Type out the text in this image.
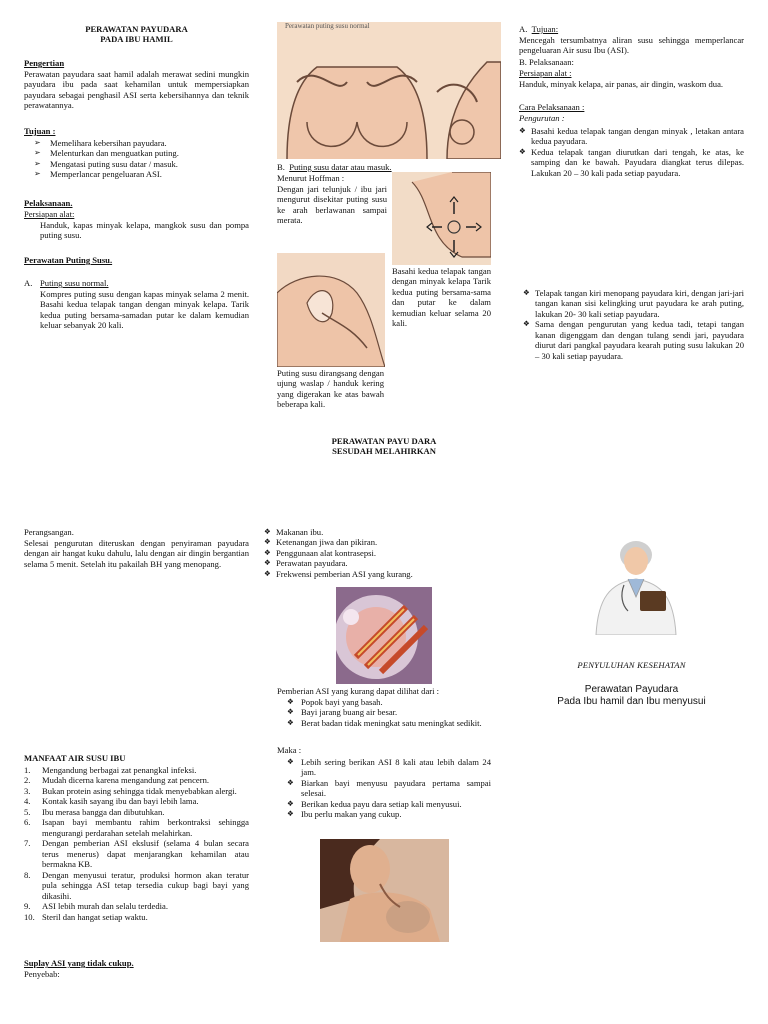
PERAWATAN PAYUDARA
PADA IBU HAMIL
Pengertian
Perawatan payudara saat hamil adalah merawat sedini mungkin payudara ibu pada saat kehamilan untuk mempersiapkan payudara sebagai penghasil ASI serta kebersihannya dan teknik perawatannya.
Tujuan :
➢ Memelihara kebersihan payudara.
➢ Melenturkan dan menguatkan puting.
➢ Mengatasi puting susu datar / masuk.
➢ Memperlancar pengeluaran ASI.
Pelaksanaan.
Persiapan alat:
Handuk, kapas minyak kelapa, mangkok susu dan pompa puting susu.
Perawatan Puting Susu.
A. Puting susu normal.
Kompres puting susu dengan kapas minyak selama 2 menit. Basahi kedua telapak tangan dengan minyak kelapa. Tarik kedua puting bersama-samadan putar ke dalam kemudian keluar sebanyak 20 kali.
Perangsangan.
Selesai pengurutan diteruskan dengan penyiraman payudara dengan air hangat kuku dahulu, lalu dengan air dingin bergantian selama 5 menit. Setelah itu pakailah BH yang menopang.
MANFAAT AIR SUSU IBU
1. Mengandung berbagai zat penangkal infeksi.
2. Mudah dicerna karena mengandung zat pencern.
3. Bukan protein asing sehingga tidak menyebabkan alergi.
4. Kontak kasih sayang ibu dan bayi lebih lama.
5. Ibu merasa bangga dan dibutuhkan.
6. Isapan bayi membantu rahim berkontraksi sehingga mengurangi perdarahan setelah melahirkan.
7. Dengan pemberian ASI ekslusif (selama 4 bulan secara terus menerus) dapat menjarangkan kehamilan atau bermakna KB.
8. Dengan menyusui teratur, produksi hormon akan teratur pula sehingga ASI tetap tersedia cukup bagi bayi yang dikasihi.
9. ASI lebih murah dan selalu terdedia.
10. Steril dan hangat setiap waktu.
Suplay ASI yang tidak cukup.
Penyebab:
Perawatan puting susu normal
B. Puting susu datar atau masuk.
Menurut Hoffman :
Dengan jari telunjuk / ibu jari mengurut disekitar puting susu ke arah berlawanan sampai merata.
Basahi kedua telapak tangan dengan minyak kelapa Tarik kedua puting bersama-sama dan putar ke dalam kemudian keluar selama 20 kali.
Puting susu dirangsang dengan ujung waslap / handuk kering yang digerakan ke atas bawah beberapa kali.
PERAWATAN PAYU DARA
SESUDAH MELAHIRKAN
❖ Makanan ibu.
❖ Ketenangan jiwa dan pikiran.
❖ Penggunaan alat kontrasepsi.
❖ Perawatan payudara.
❖ Frekwensi pemberian ASI yang kurang.
Pemberian ASI yang kurang dapat dilihat dari :
❖ Popok bayi yang basah.
❖ Bayi jarang buang air besar.
❖ Berat badan tidak meningkat satu meningkat sedikit.
Maka :
❖ Lebih sering berikan ASI 8 kali atau lebih dalam 24 jam.
❖ Biarkan bayi menyusu payudara pertama sampai selesai.
❖ Berikan kedua payu dara setiap kali menyusui.
❖ Ibu perlu makan yang cukup.
A. Tujuan:
Mencegah tersumbatnya aliran susu sehingga memperlancar pengeluaran Air susu Ibu (ASI).
B. Pelaksanaan:
Persiapan alat :
Handuk, minyak kelapa, air panas, air dingin, waskom dua.
Cara Pelaksanaan :
Pengurutan :
❖ Basahi kedua telapak tangan dengan minyak , letakan antara kedua payudara.
❖ Kedua telapak tangan diurutkan dari tengah, ke atas, ke samping dan ke bawah. Payudara diangkat terus dilepas. Lakukan 20 – 30 kali pada setiap payudara.
❖ Telapak tangan kiri menopang payudara kiri, dengan jari-jari tangan kanan sisi kelingking urut payudara ke arah puting, lakukan 20- 30 kali setiap payudara.
❖ Sama dengan pengurutan yang kedua tadi, tetapi tangan kanan digenggam dan dengan tulang sendi jari, payudara diurut dari pangkal payudara kearah puting susu lakukan 20 – 30 kali setiap payudara.
PENYULUHAN KESEHATAN
Perawatan Payudara
Pada Ibu hamil dan Ibu menyusui
